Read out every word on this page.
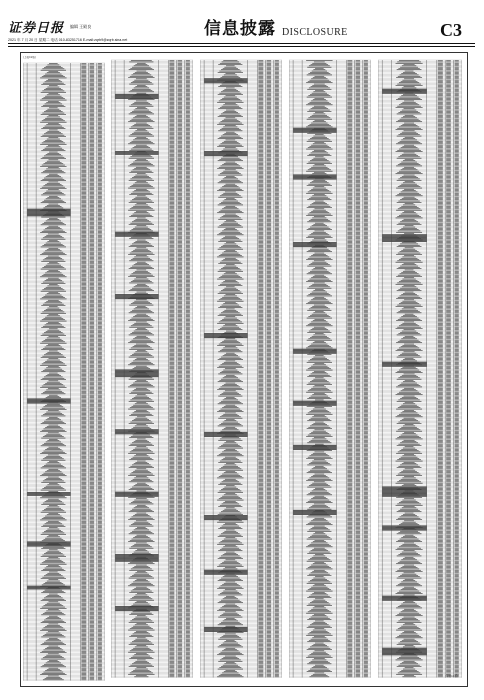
证券日报 编辑 王殿良
2021 年 7 月 20 日 星期二 电话 010-83251716 E-mail:zqrb9@zqrb.sina.net
信息披露 DISCLOSURE	C3
(上接C2版)
(下转C4版)
